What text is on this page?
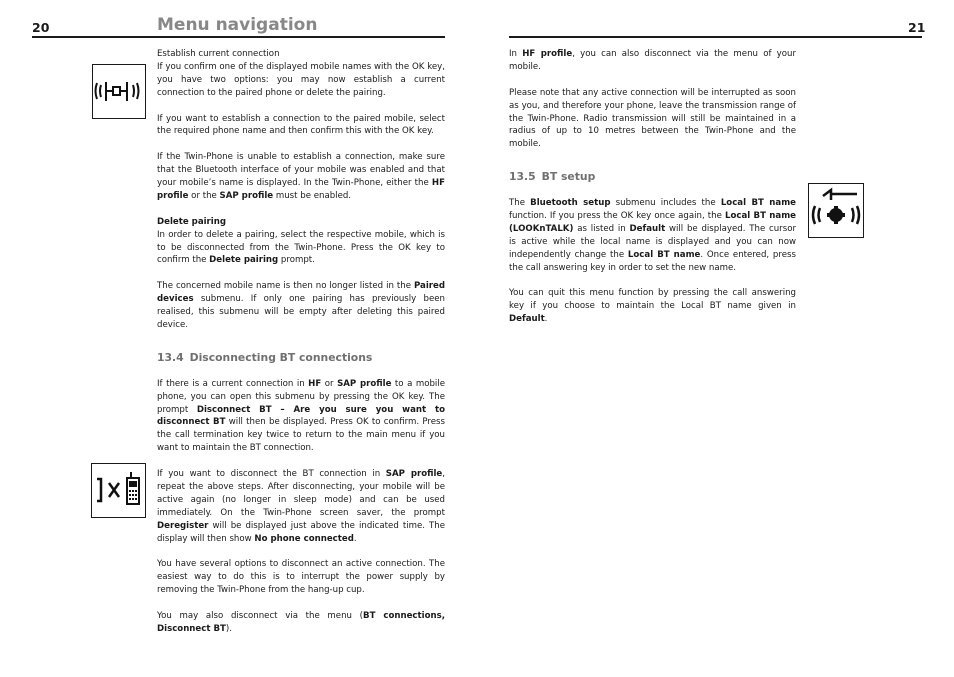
20	Menu navigation

Establish current connection

If you confirm one of the displayed mobile names with the OK key, you have two options: you may now establish a current connection to the paired phone or delete the pairing.

If you want to establish a connection to the paired mobile, select the required phone name and then confirm this with the OK key.

If the Twin-Phone is unable to establish a connection, make sure that the Bluetooth interface of your mobile was enabled and that your mobile’s name is displayed. In the Twin-Phone, either the HF profile or the SAP profile must be enabled.

Delete pairing

In order to delete a pairing, select the respective mobile, which is to be disconnected from the Twin-Phone. Press the OK key to confirm the Delete pairing prompt.

The concerned mobile name is then no longer listed in the Paired devices submenu. If only one pairing has previously been realised, this submenu will be empty after deleting this paired device.

13.4 Disconnecting BT connections

If there is a current connection in HF or SAP profile to a mobile phone, you can open this submenu by pressing the OK key. The prompt Disconnect BT – Are you sure you want to disconnect BT will then be displayed. Press OK to confirm. Press the call termination key twice to return to the main menu if you want to maintain the BT connection.

If you want to disconnect the BT connection in SAP profile, repeat the above steps. After disconnecting, your mobile will be active again (no longer in sleep mode) and can be used immediately. On the Twin-Phone screen saver, the prompt Deregister will be displayed just above the indicated time. The display will then show No phone connected.

You have several options to disconnect an active connection. The easiest way to do this is to interrupt the power supply by removing the Twin-Phone from the hang-up cup.

You may also disconnect via the menu (BT connections, Disconnect BT).

21

In HF profile, you can also disconnect via the menu of your mobile.

Please note that any active connection will be interrupted as soon as you, and therefore your phone, leave the transmission range of the Twin-Phone. Radio transmission will still be maintained in a radius of up to 10 metres between the Twin-Phone and the mobile.

13.5 BT setup

The Bluetooth setup submenu includes the Local BT name function. If you press the OK key once again, the Local BT name (LOOKnTALK) as listed in Default will be displayed. The cursor is active while the local name is displayed and you can now independently change the Local BT name. Once entered, press the call answering key in order to set the new name.

You can quit this menu function by pressing the call answering key if you choose to maintain the Local BT name given in Default.
